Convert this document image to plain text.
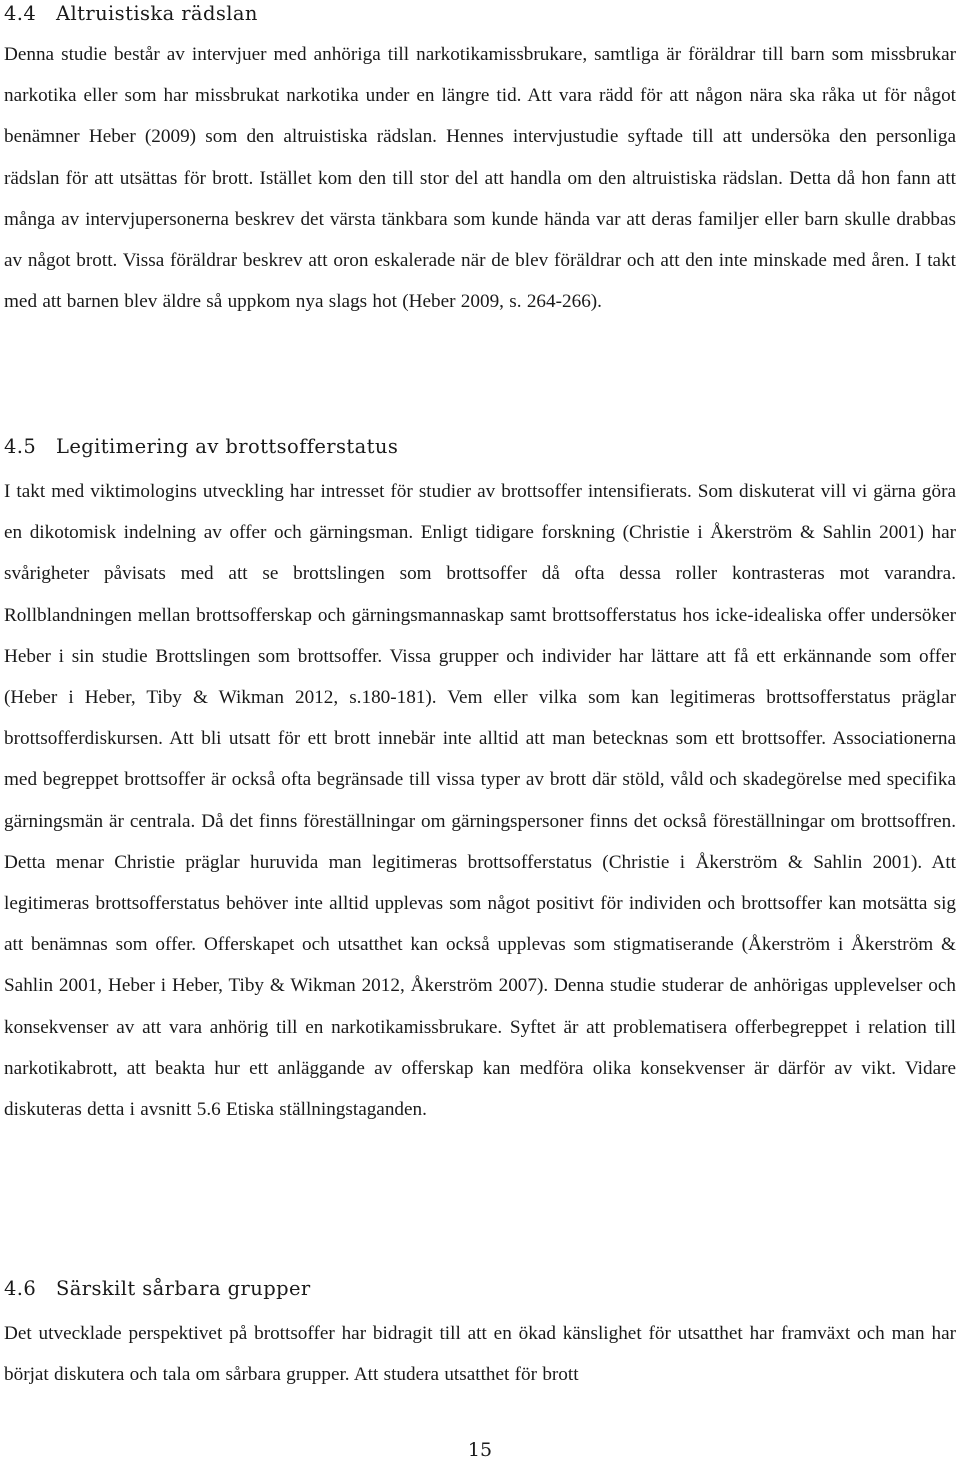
4.4 Altruistiska rädslan

Denna studie består av intervjuer med anhöriga till narkotikamissbrukare, samtliga är föräldrar till barn som missbrukar narkotika eller som har missbrukat narkotika under en längre tid. Att vara rädd för att någon nära ska råka ut för något benämner Heber (2009) som den altruistiska rädslan. Hennes intervjustudie syftade till att undersöka den personliga rädslan för att utsättas för brott. Istället kom den till stor del att handla om den altruistiska rädslan. Detta då hon fann att många av intervjupersonerna beskrev det värsta tänkbara som kunde hända var att deras familjer eller barn skulle drabbas av något brott. Vissa föräldrar beskrev att oron eskalerade när de blev föräldrar och att den inte minskade med åren. I takt med att barnen blev äldre så uppkom nya slags hot (Heber 2009, s. 264-266).

4.5 Legitimering av brottsofferstatus

I takt med viktimologins utveckling har intresset för studier av brottsoffer intensifierats. Som diskuterat vill vi gärna göra en dikotomisk indelning av offer och gärningsman. Enligt tidigare forskning (Christie i Åkerström & Sahlin 2001) har svårigheter påvisats med att se brottslingen som brottsoffer då ofta dessa roller kontrasteras mot varandra. Rollblandningen mellan brottsofferskap och gärningsmannaskap samt brottsofferstatus hos icke-idealiska offer undersöker Heber i sin studie Brottslingen som brottsoffer. Vissa grupper och individer har lättare att få ett erkännande som offer (Heber i Heber, Tiby & Wikman 2012, s.180-181). Vem eller vilka som kan legitimeras brottsofferstatus präglar brottsofferdiskursen. Att bli utsatt för ett brott innebär inte alltid att man betecknas som ett brottsoffer. Associationerna med begreppet brottsoffer är också ofta begränsade till vissa typer av brott där stöld, våld och skadegörelse med specifika gärningsmän är centrala. Då det finns föreställningar om gärningspersoner finns det också föreställningar om brottsoffren. Detta menar Christie präglar huruvida man legitimeras brottsofferstatus (Christie i Åkerström & Sahlin 2001). Att legitimeras brottsofferstatus behöver inte alltid upplevas som något positivt för individen och brottsoffer kan motsätta sig att benämnas som offer. Offerskapet och utsatthet kan också upplevas som stigmatiserande (Åkerström i Åkerström & Sahlin 2001, Heber i Heber, Tiby & Wikman 2012, Åkerström 2007). Denna studie studerar de anhörigas upplevelser och konsekvenser av att vara anhörig till en narkotikamissbrukare. Syftet är att problematisera offerbegreppet i relation till narkotikabrott, att beakta hur ett anläggande av offerskap kan medföra olika konsekvenser är därför av vikt. Vidare diskuteras detta i avsnitt 5.6 Etiska ställningstaganden.

4.6 Särskilt sårbara grupper

Det utvecklade perspektivet på brottsoffer har bidragit till att en ökad känslighet för utsatthet har framväxt och man har börjat diskutera och tala om sårbara grupper. Att studera utsatthet för brott

15
